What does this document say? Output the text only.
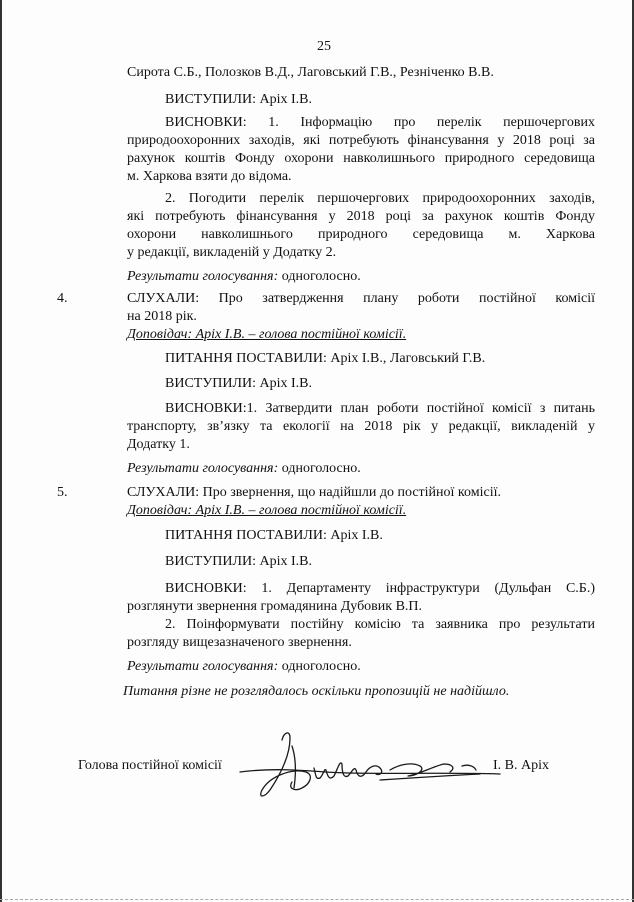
25
Сирота С.Б., Полозков В.Д., Лаговський Г.В., Резніченко В.В.
ВИСТУПИЛИ: Аріх І.В.
ВИСНОВКИ: 1. Інформацію про перелік першочергових
природоохоронних заходів, які потребують фінансування у 2018 році за
рахунок коштів Фонду охорони навколишнього природного середовища
м. Харкова взяти до відома.
2. Погодити перелік першочергових природоохоронних заходів,
які потребують фінансування у 2018 році за рахунок коштів Фонду
охорони навколишнього природного середовища м. Харкова
у редакції, викладеній у Додатку 2.
Результати голосування: одноголосно.
4.	СЛУХАЛИ: Про затвердження плану роботи постійної комісії
на 2018 рік.
Доповідач: Аріх І.В. – голова постійної комісії.
ПИТАННЯ ПОСТАВИЛИ: Аріх І.В., Лаговський Г.В.
ВИСТУПИЛИ: Аріх І.В.
ВИСНОВКИ:1. Затвердити план роботи постійної комісії з питань
транспорту, зв’язку та екології на 2018 рік у редакції, викладеній у
Додатку 1.
Результати голосування: одноголосно.
5.	СЛУХАЛИ: Про звернення, що надійшли до постійної комісії.
Доповідач: Аріх І.В. – голова постійної комісії.
ПИТАННЯ ПОСТАВИЛИ: Аріх І.В.
ВИСТУПИЛИ: Аріх І.В.
ВИСНОВКИ: 1. Департаменту інфраструктури (Дульфан С.Б.)
розглянути звернення громадянина Дубовик В.П.
2. Поінформувати постійну комісію та заявника про результати
розгляду вищезазначеного звернення.
Результати голосування: одноголосно.
Питання різне не розглядалось оскільки пропозицій не надійшло.
Голова постійної комісії	І. В. Аріх
